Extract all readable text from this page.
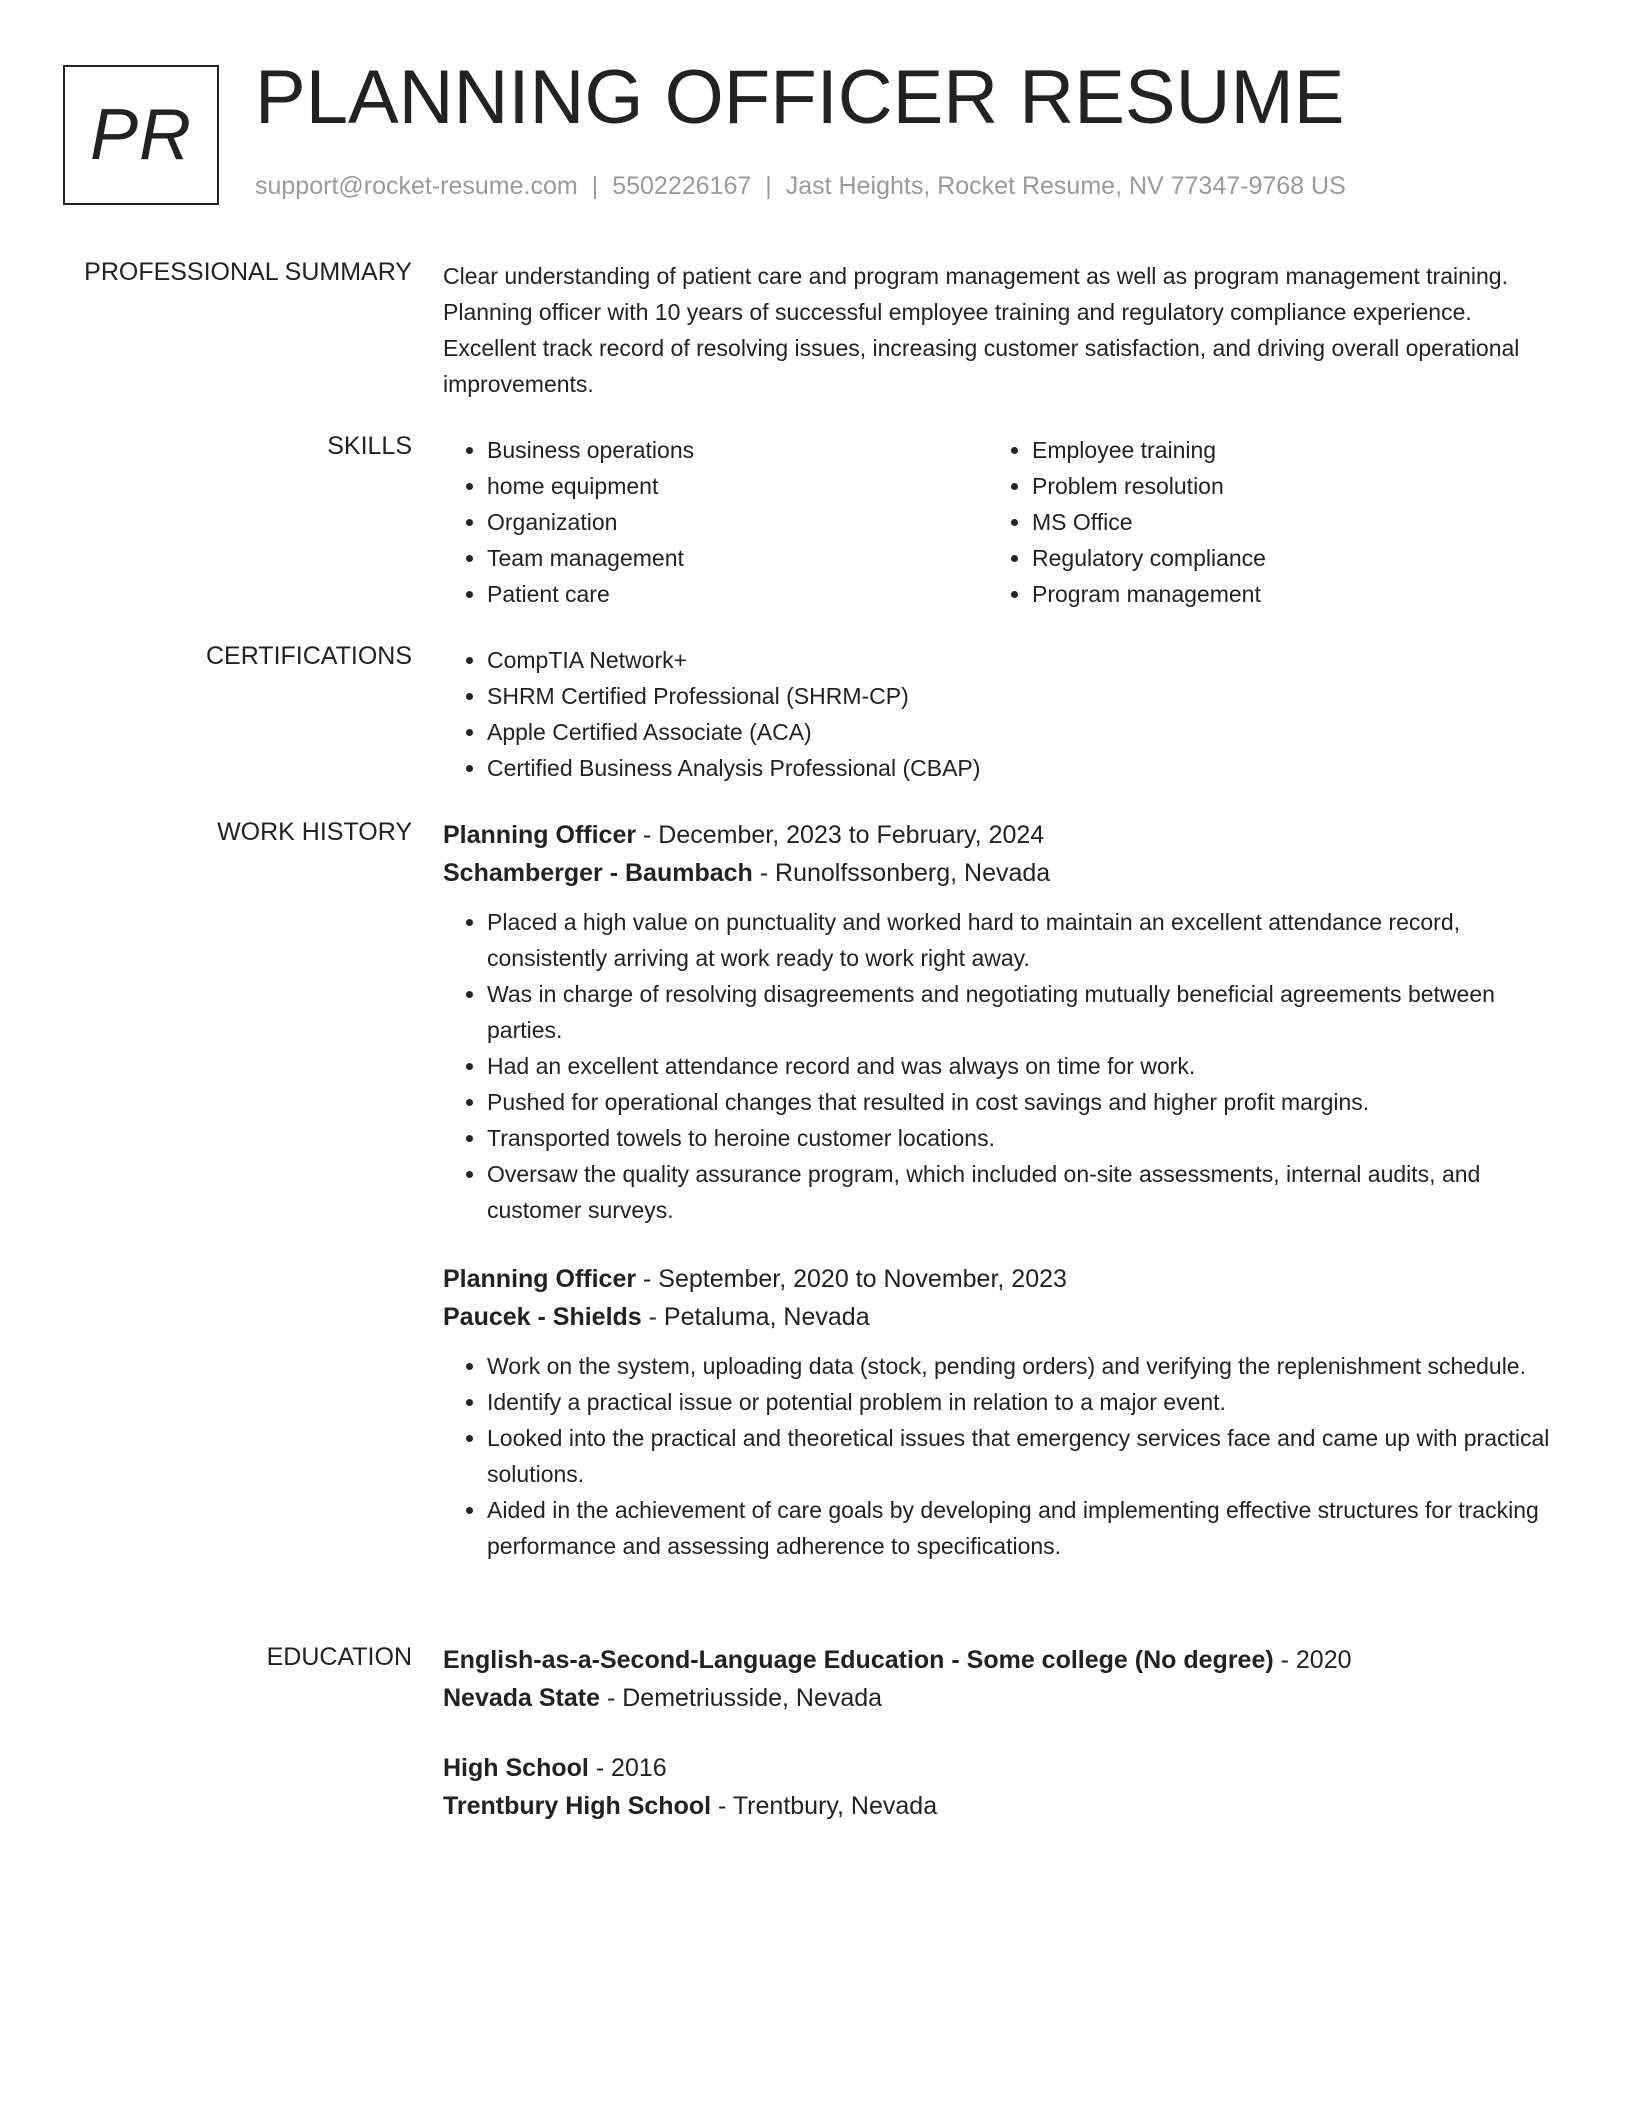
PR PLANNING OFFICER RESUME
support@rocket-resume.com | 5502226167 | Jast Heights, Rocket Resume, NV 77347-9768 US
PROFESSIONAL SUMMARY Clear understanding of patient care and program management as well as program management training. Planning officer with 10 years of successful employee training and regulatory compliance experience. Excellent track record of resolving issues, increasing customer satisfaction, and driving overall operational improvements.
SKILLS	• Business operations
• home equipment
• Organization
• Team management
• Patient care
• Employee training
• Problem resolution
• MS Office
• Regulatory compliance
• Program management
CERTIFICATIONS	• CompTIA Network+
• SHRM Certified Professional (SHRM-CP)
• Apple Certified Associate (ACA)
• Certified Business Analysis Professional (CBAP)
WORK HISTORY Planning Officer - December, 2023 to February, 2024
Schamberger - Baumbach - Runolfssonberg, Nevada
• Placed a high value on punctuality and worked hard to maintain an excellent attendance record, consistently arriving at work ready to work right away.
• Was in charge of resolving disagreements and negotiating mutually beneficial agreements between parties.
• Had an excellent attendance record and was always on time for work.
• Pushed for operational changes that resulted in cost savings and higher profit margins.
• Transported towels to heroine customer locations.
• Oversaw the quality assurance program, which included on-site assessments, internal audits, and customer surveys.
Planning Officer - September, 2020 to November, 2023
Paucek - Shields - Petaluma, Nevada
• Work on the system, uploading data (stock, pending orders) and verifying the replenishment schedule.
• Identify a practical issue or potential problem in relation to a major event.
• Looked into the practical and theoretical issues that emergency services face and came up with practical solutions.
• Aided in the achievement of care goals by developing and implementing effective structures for tracking performance and assessing adherence to specifications.
EDUCATION English-as-a-Second-Language Education - Some college (No degree) - 2020
Nevada State - Demetriusside, Nevada
High School - 2016
Trentbury High School - Trentbury, Nevada
